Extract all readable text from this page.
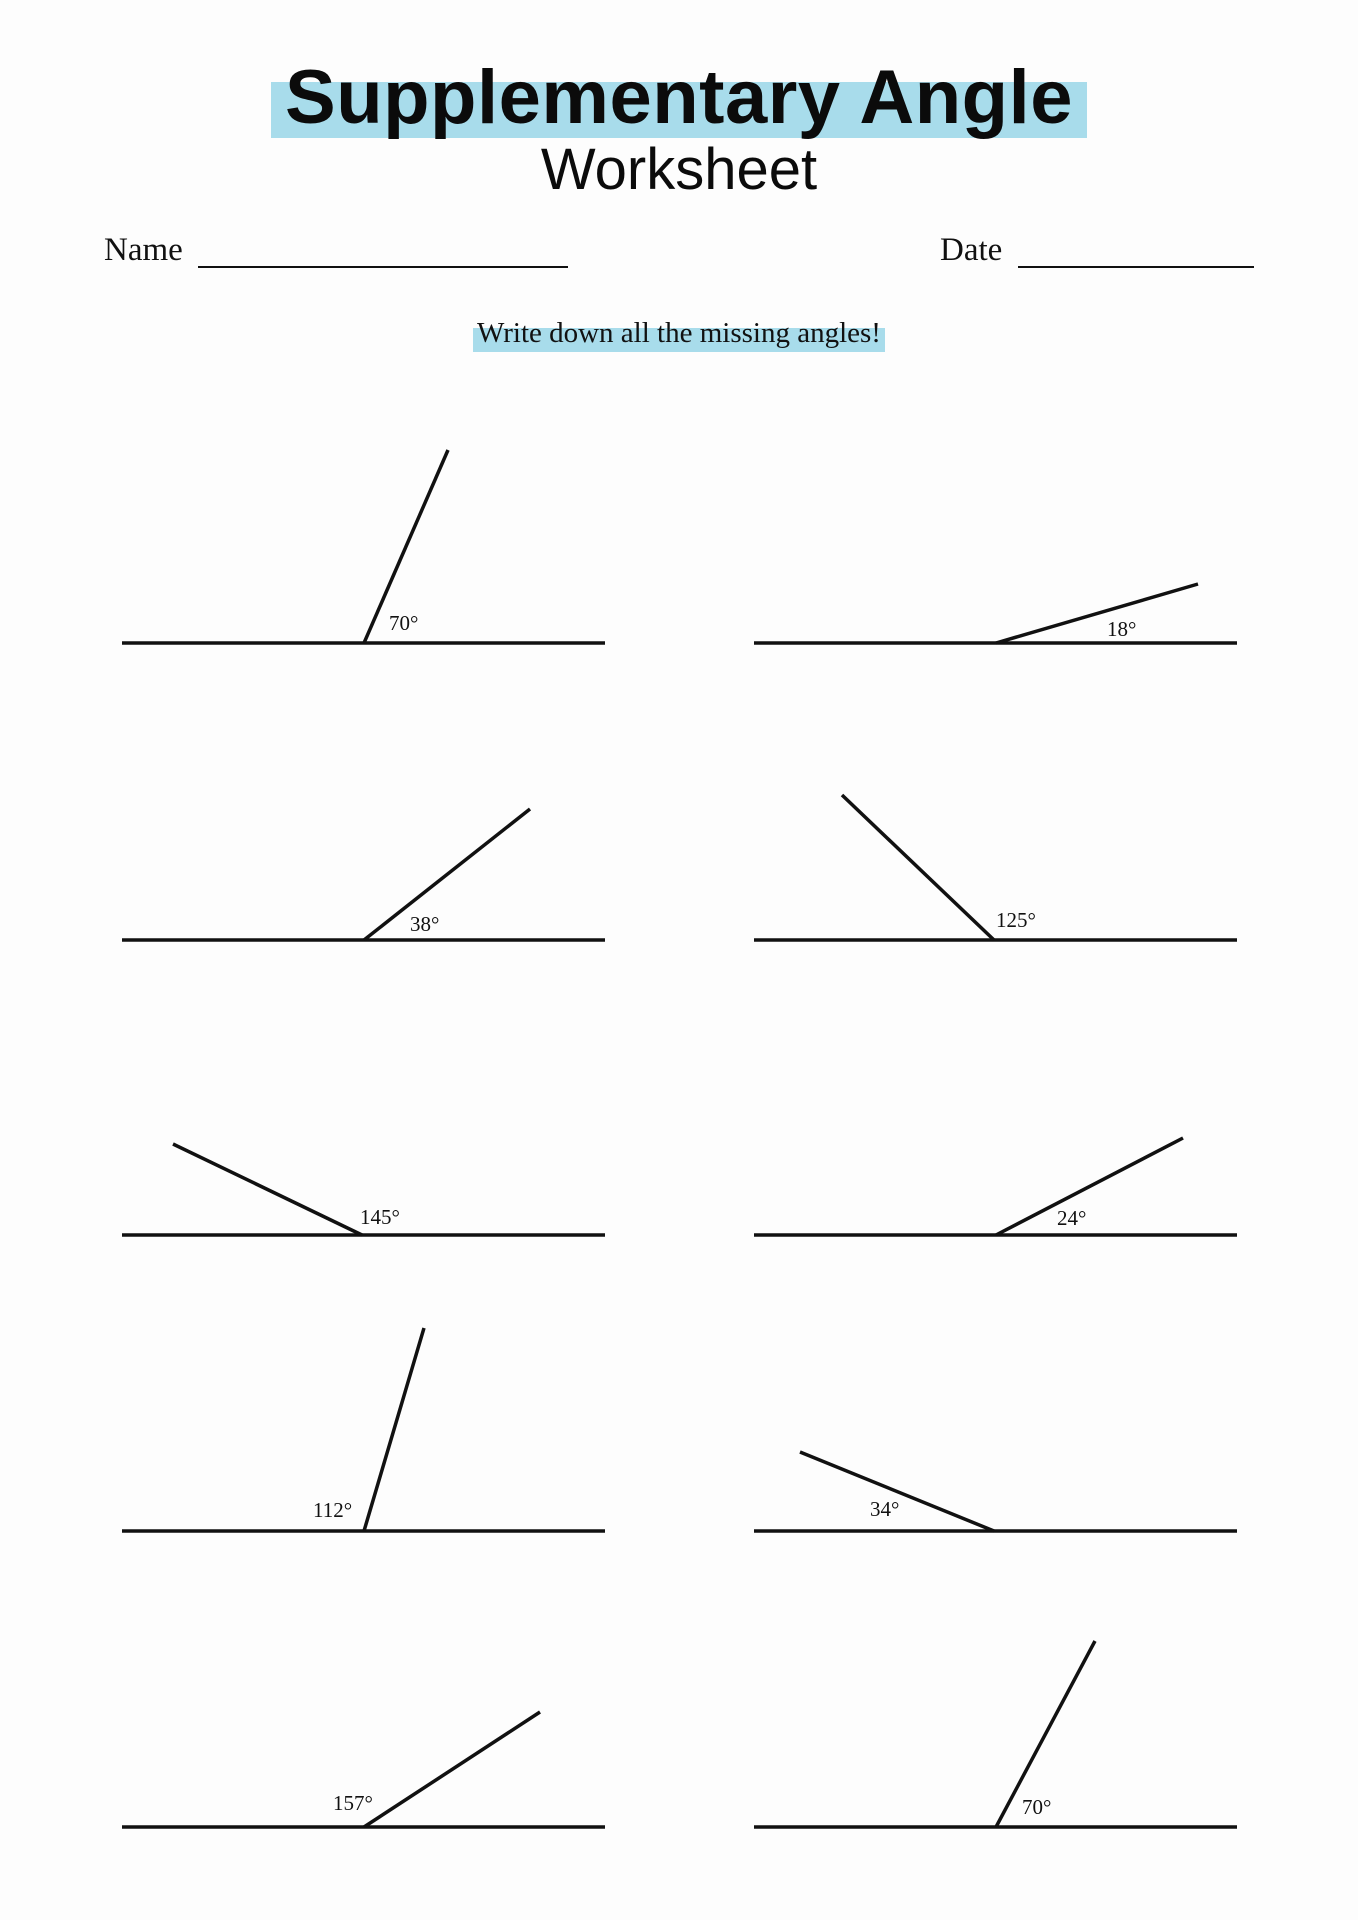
Supplementary Angle
Worksheet
Name	Date
Write down all the missing angles!
70°	18°
38°	125°
145°	24°
112°	34°
157°	70°
